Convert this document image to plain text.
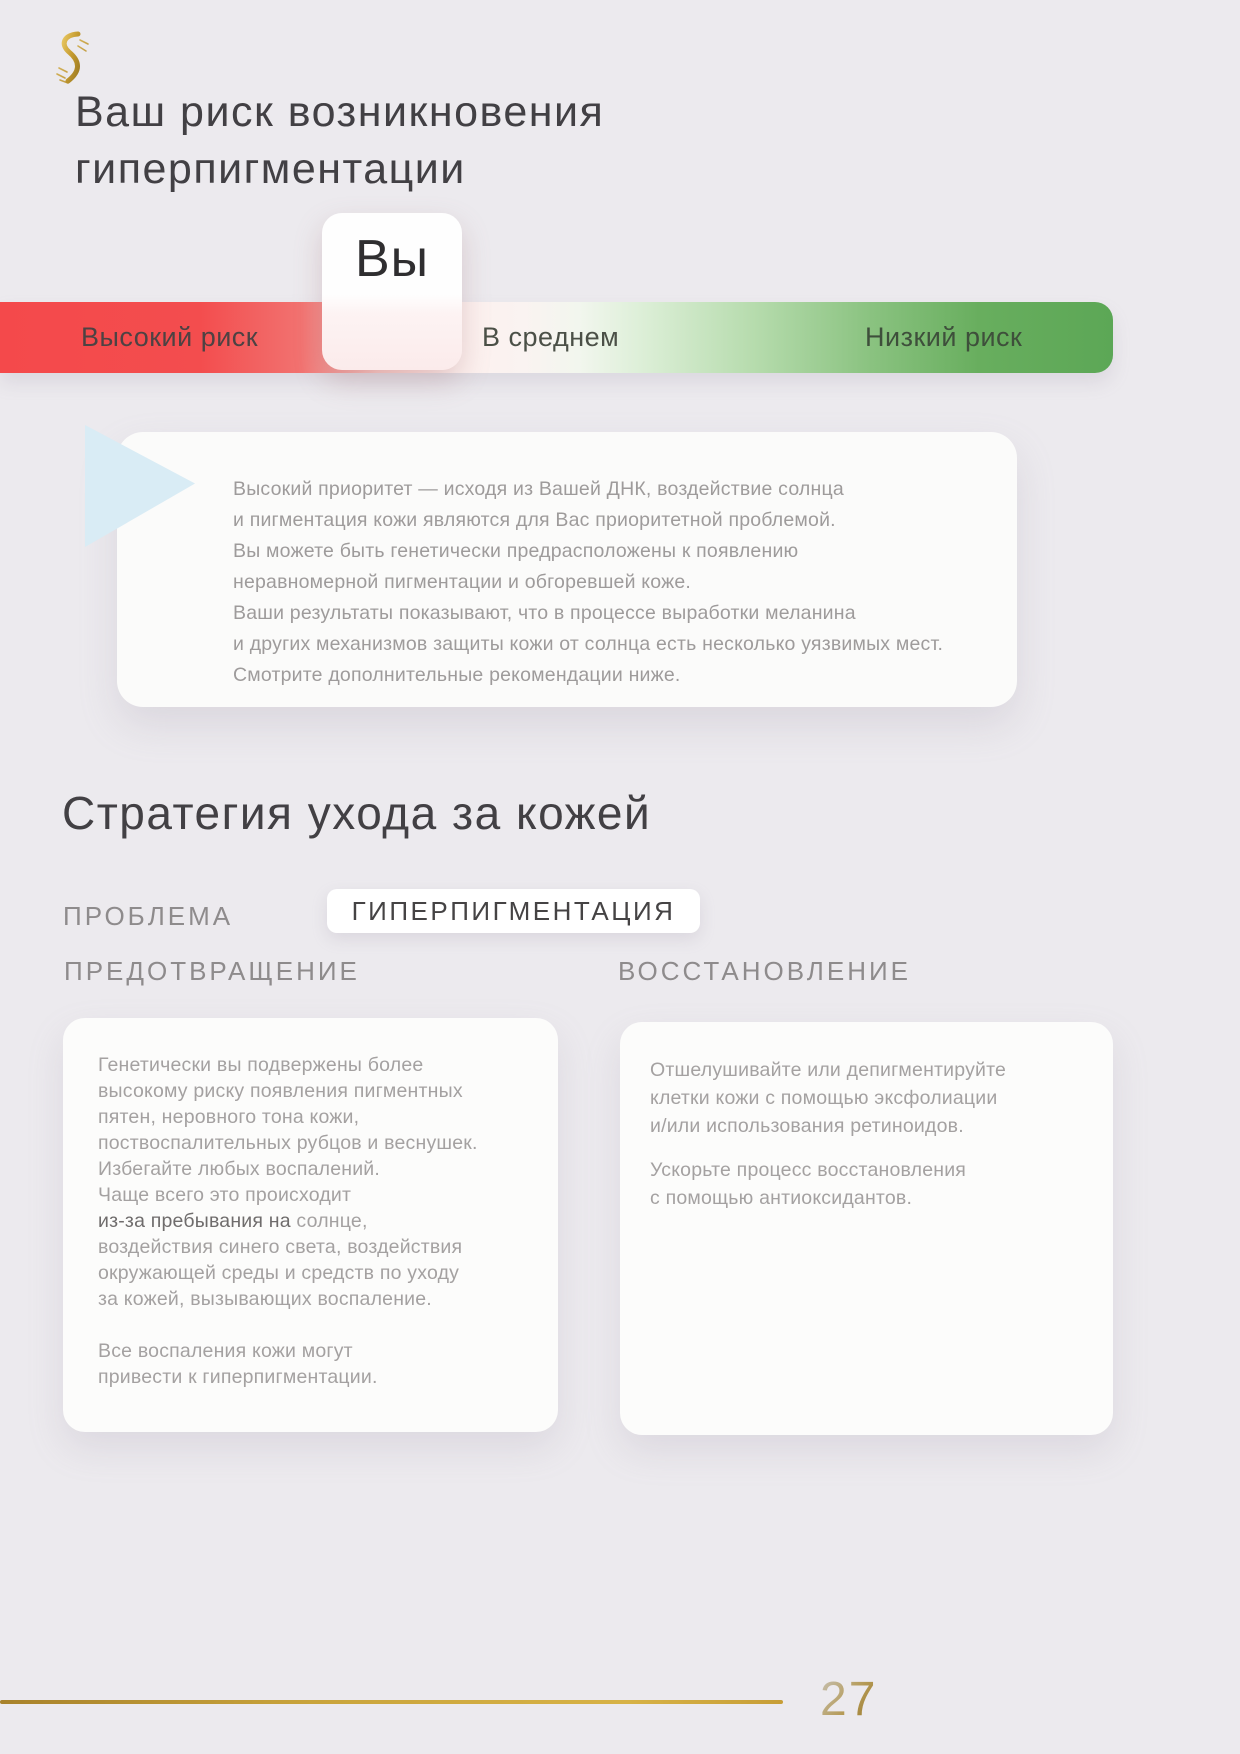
Ваш риск возникновения
гиперпигментации
Высокий риск	В среднем	Низкий риск
Вы
Высокий приоритет — исходя из Вашей ДНК, воздействие солнца
и пигментация кожи являются для Вас приоритетной проблемой.
Вы можете быть генетически предрасположены к появлению
неравномерной пигментации и обгоревшей коже.
Ваши результаты показывают, что в процессе выработки меланина
и других механизмов защиты кожи от солнца есть несколько уязвимых мест.
Смотрите дополнительные рекомендации ниже.
Стратегия ухода за кожей
ПРОБЛЕМА	ГИПЕРПИГМЕНТАЦИЯ
ПРЕДОТВРАЩЕНИЕ	ВОССТАНОВЛЕНИЕ
Генетически вы подвержены более
высокому риску появления пигментных
пятен, неровного тона кожи,
поствоспалительных рубцов и веснушек.
Избегайте любых воспалений.
Чаще всего это происходит
из-за пребывания на солнце,
воздействия синего света, воздействия
окружающей среды и средств по уходу
за кожей, вызывающих воспаление.
Все воспаления кожи могут
привести к гиперпигментации.
Отшелушивайте или депигментируйте
клетки кожи с помощью эксфолиации
и/или использования ретиноидов.
Ускорьте процесс восстановления
с помощью антиоксидантов.
27
